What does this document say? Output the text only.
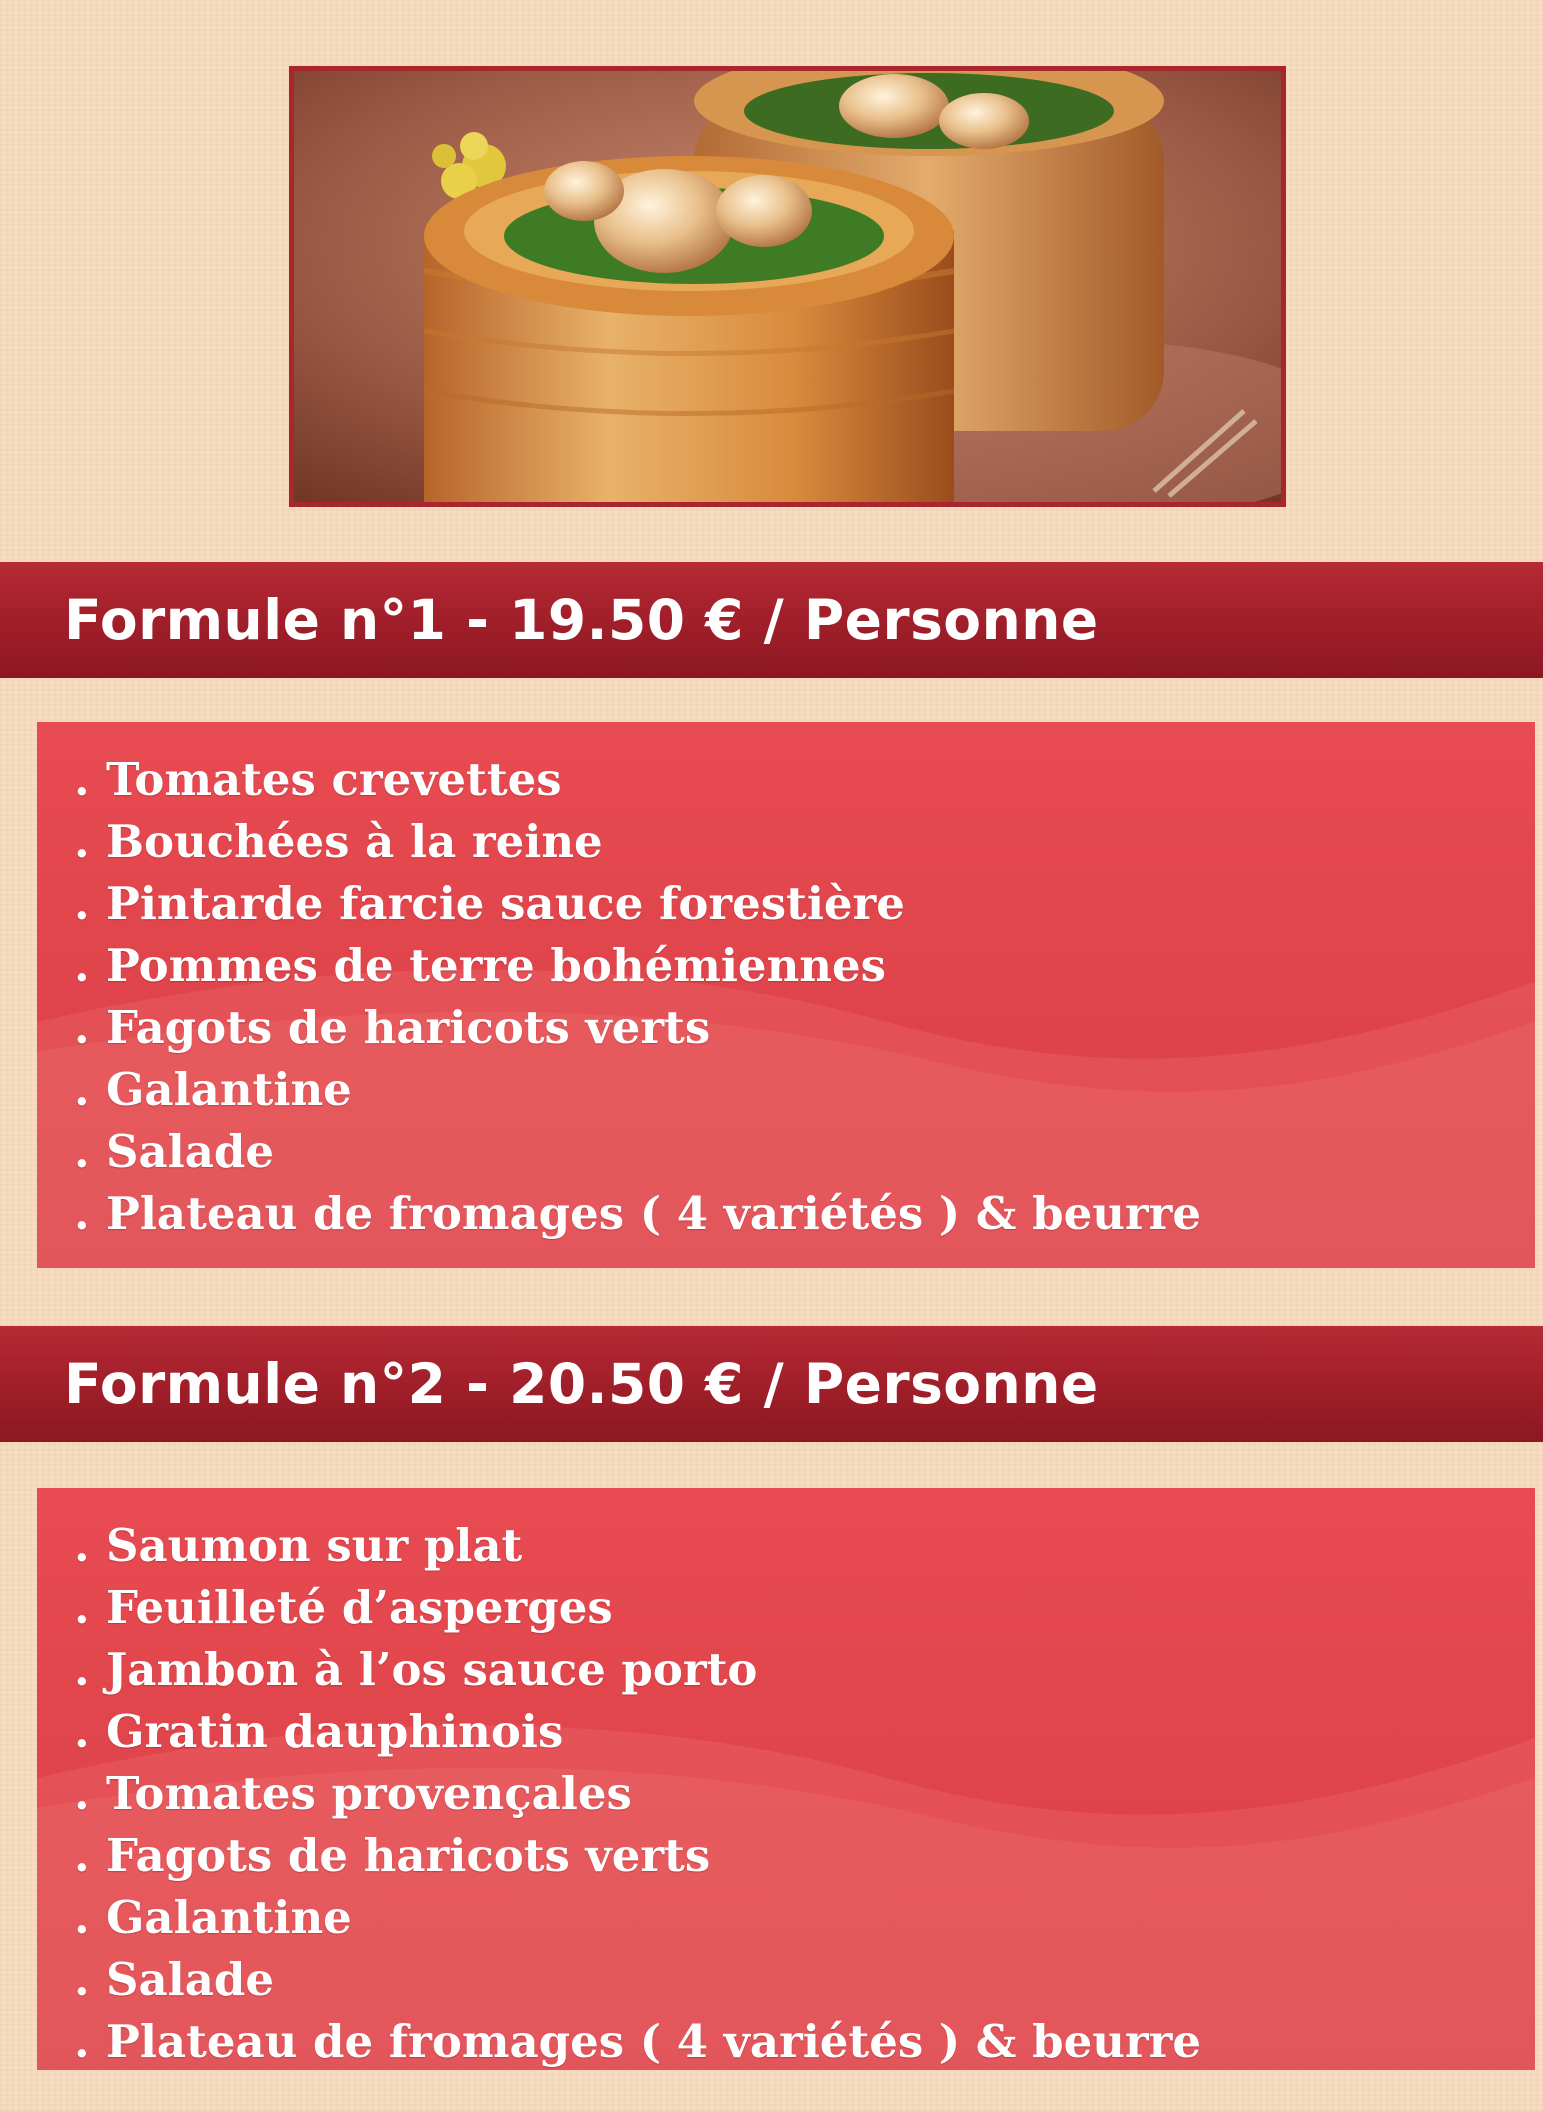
Formule n°1 - 19.50 € / Personne
. Tomates crevettes
. Bouchées à la reine
. Pintarde farcie sauce forestière
. Pommes de terre bohémiennes
. Fagots de haricots verts
. Galantine
. Salade
. Plateau de fromages ( 4 variétés ) & beurre
Formule n°2 - 20.50 € / Personne
. Saumon sur plat
. Feuilleté d’asperges
. Jambon à l’os sauce porto
. Gratin dauphinois
. Tomates provençales
. Fagots de haricots verts
. Galantine
. Salade
. Plateau de fromages ( 4 variétés ) & beurre
